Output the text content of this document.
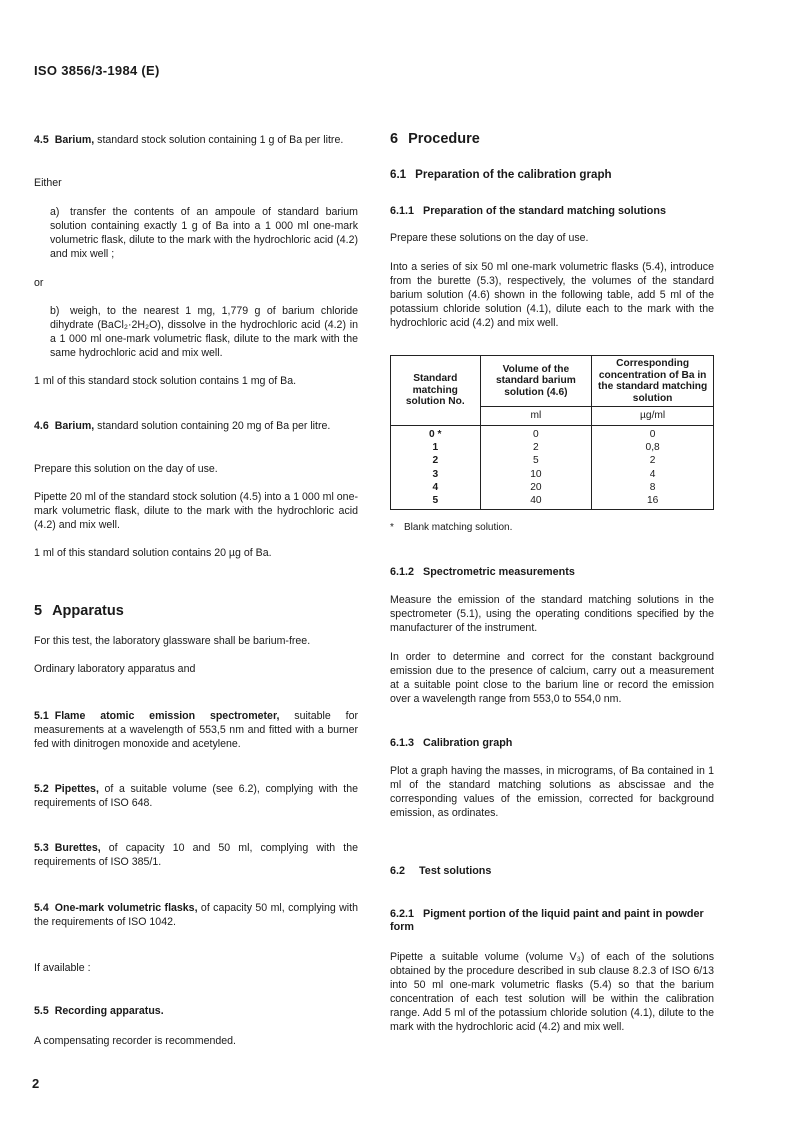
ISO 3856/3-1984 (E)

4.5 Barium, standard stock solution containing 1 g of Ba per litre.

Either

a) transfer the contents of an ampoule of standard barium solution containing exactly 1 g of Ba into a 1 000 ml one-mark volumetric flask, dilute to the mark with the hydrochloric acid (4.2) and mix well ;

or

b) weigh, to the nearest 1 mg, 1,779 g of barium chloride dihydrate (BaCl₂·2H₂O), dissolve in the hydrochloric acid (4.2) in a 1 000 ml one-mark volumetric flask, dilute to the mark with the same hydrochloric acid and mix well.

1 ml of this standard stock solution contains 1 mg of Ba.

4.6 Barium, standard solution containing 20 mg of Ba per litre.

Prepare this solution on the day of use.

Pipette 20 ml of the standard stock solution (4.5) into a 1 000 ml one-mark volumetric flask, dilute to the mark with the hydrochloric acid (4.2) and mix well.

1 ml of this standard solution contains 20 µg of Ba.

5 Apparatus

For this test, the laboratory glassware shall be barium-free.

Ordinary laboratory apparatus and

5.1 Flame atomic emission spectrometer, suitable for measurements at a wavelength of 553,5 nm and fitted with a burner fed with dinitrogen monoxide and acetylene.

5.2 Pipettes, of a suitable volume (see 6.2), complying with the requirements of ISO 648.

5.3 Burettes, of capacity 10 and 50 ml, complying with the requirements of ISO 385/1.

5.4 One-mark volumetric flasks, of capacity 50 ml, complying with the requirements of ISO 1042.

If available :

5.5 Recording apparatus.

A compensating recorder is recommended.

6 Procedure
6.1 Preparation of the calibration graph
6.1.1 Preparation of the standard matching solutions

Prepare these solutions on the day of use.

Into a series of six 50 ml one-mark volumetric flasks (5.4), introduce from the burette (5.3), respectively, the volumes of the standard barium solution (4.6) shown in the following table, add 5 ml of the potassium chloride solution (4.1), dilute each to the mark with the hydrochloric acid (4.2) and mix well.

Standard matching solution No.	Volume of the standard barium solution (4.6)	Corresponding concentration of Ba in the standard matching solution
	ml	µg/ml
0 *	0	0
1	2	0,8
2	5	2
3	10	4
4	20	8
5	40	16

* Blank matching solution.

6.1.2 Spectrometric measurements

Measure the emission of the standard matching solutions in the spectrometer (5.1), using the operating conditions specified by the manufacturer of the instrument.

In order to determine and correct for the constant background emission due to the presence of calcium, carry out a measurement at a suitable point close to the barium line or record the emission over a wavelength range from 553,0 to 554,0 nm.

6.1.3 Calibration graph

Plot a graph having the masses, in micrograms, of Ba contained in 1 ml of the standard matching solutions as abscissae and the corresponding values of the emission, corrected for background emission, as ordinates.

6.2 Test solutions
6.2.1 Pigment portion of the liquid paint and paint in powder form

Pipette a suitable volume (volume V₃) of each of the solutions obtained by the procedure described in sub clause 8.2.3 of ISO 6/13 into 50 ml one-mark volumetric flasks (5.4) so that the barium concentration of each test solution will be within the calibration range. Add 5 ml of the potassium chloride solution (4.1), dilute to the mark with the hydrochloric acid (4.2) and mix well.

2
